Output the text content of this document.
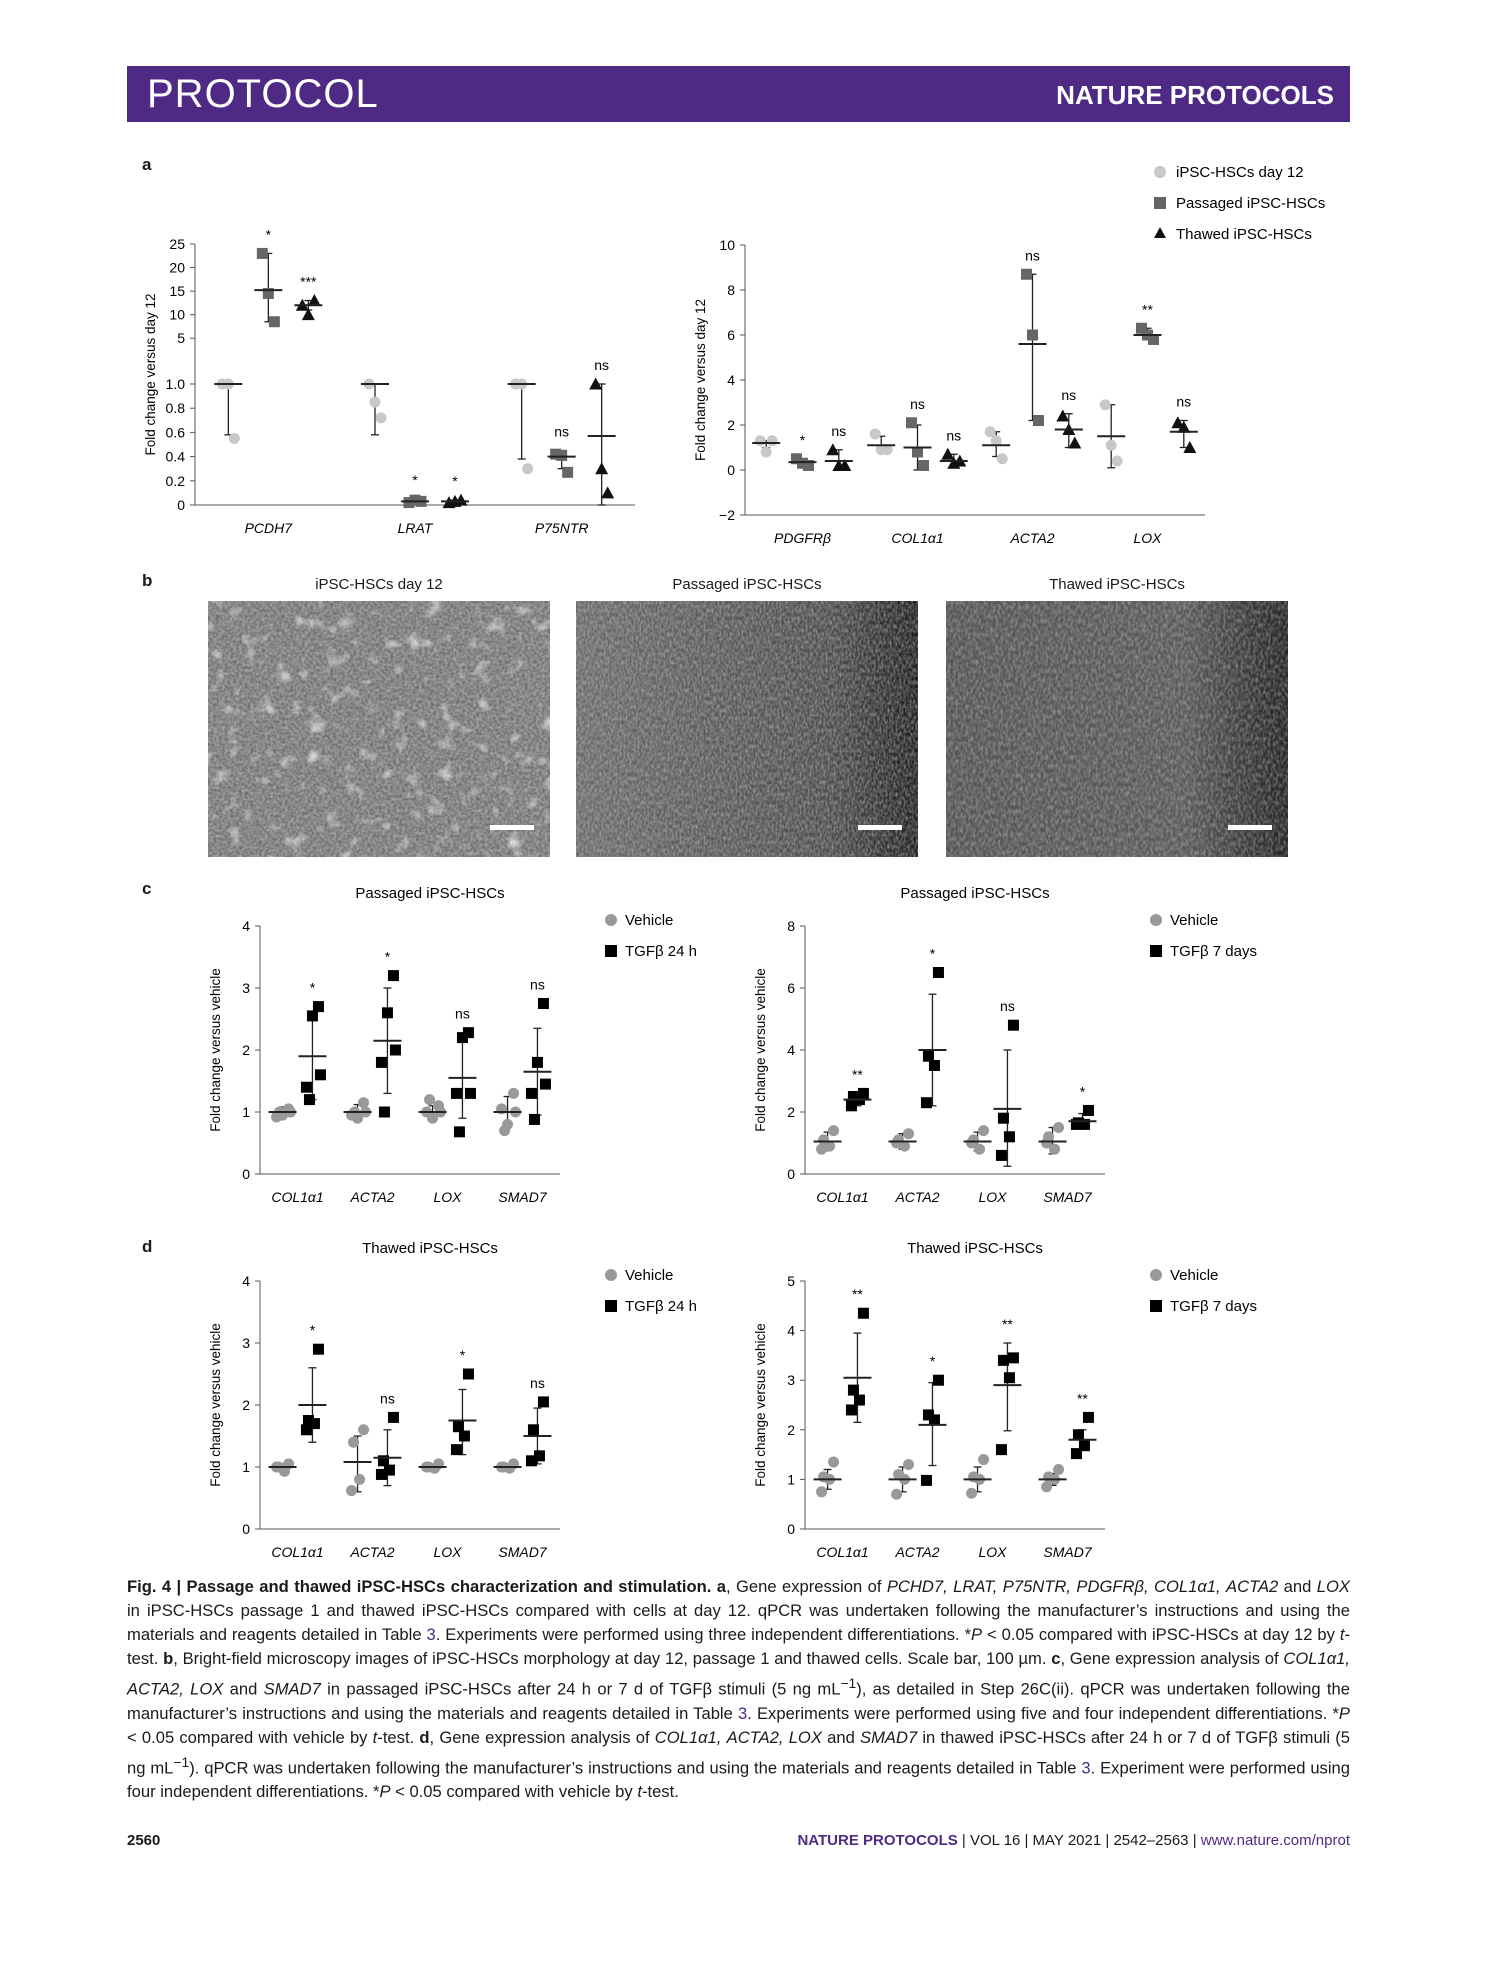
PROTOCOL	NATURE PROTOCOLS
a
b
c
d
iPSC-HSCs day 12
Passaged iPSC-HSCs
Thawed iPSC-HSCs
0
0.2
0.4
0.6
0.8
1.0
5
10
15
20
25
Fold change versus day 12
PCDH7
*
***
LRAT
* *
P75NTR
ns
ns
−2
0
2
4
6
8
10
Fold change versus day 12
PDGFRβ
*
ns
COL1α1
ns
ns
ACTA2
ns
ns
LOX
**
ns
0
1
2
3
4
Fold change versus vehicle
Passaged iPSC-HSCs
COL1α1
*
ACTA2
*
LOX
ns
SMAD7
ns
Vehicle
TGFβ 24 h
0
2
4
6
8
Fold change versus vehicle
Passaged iPSC-HSCs
COL1α1
**
ACTA2
*
LOX
ns
SMAD7
*
Vehicle
TGFβ 7 days
0
1
2
3
4
Fold change versus vehicle
Thawed iPSC-HSCs
COL1α1
*
ACTA2
ns
LOX
*
SMAD7
ns
Vehicle
TGFβ 24 h
0
1
2
3
4
5
Fold change versus vehicle
Thawed iPSC-HSCs
COL1α1
**
ACTA2
*
LOX
**
SMAD7
**
Vehicle
TGFβ 7 days
iPSC-HSCs day 12	Passaged iPSC-HSCs	Thawed iPSC-HSCs
Fig. 4 | Passage and thawed iPSC-HSCs characterization and stimulation. a, Gene expression of PCHD7, LRAT, P75NTR, PDGFRβ, COL1α1, ACTA2 and LOX in iPSC-HSCs passage 1 and thawed iPSC-HSCs compared with cells at day 12. qPCR was undertaken following the manufacturer’s instructions and using the materials and reagents detailed in Table 3. Experiments were performed using three independent differentiations. *P < 0.05 compared with iPSC-HSCs at day 12 by t-test. b, Bright-field microscopy images of iPSC-HSCs morphology at day 12, passage 1 and thawed cells. Scale bar, 100 µm. c, Gene expression analysis of COL1α1, ACTA2, LOX and SMAD7 in passaged iPSC-HSCs after 24 h or 7 d of TGFβ stimuli (5 ng $mL^{-1}$), as detailed in Step 26C(ii). qPCR was undertaken following the manufacturer’s instructions and using the materials and reagents detailed in Table 3. Experiments were performed using five and four independent differentiations. *P < 0.05 compared with vehicle by t-test. d, Gene expression analysis of COL1α1, ACTA2, LOX and SMAD7 in thawed iPSC-HSCs after 24 h or 7 d of TGFβ stimuli (5 ng $mL^{-1}$). qPCR was undertaken following the manufacturer’s instructions and using the materials and reagents detailed in Table 3. Experiment were performed using four independent differentiations. *P < 0.05 compared with vehicle by t-test.
2560	NATURE PROTOCOLS | VOL 16 | MAY 2021 | 2542–2563 | www.nature.com/nprot
